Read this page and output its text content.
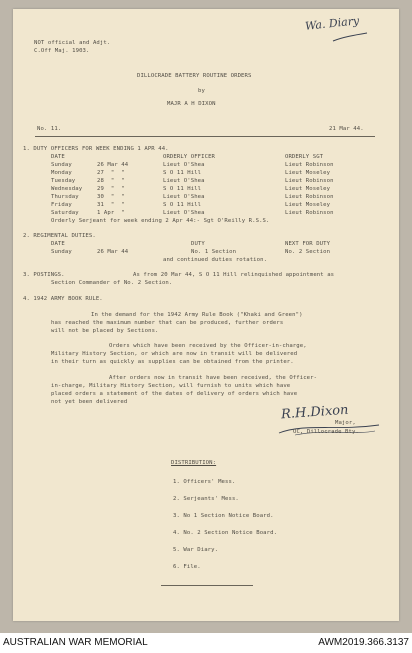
Wa. Diary
NOT official and Adjt.
C.Off Maj. 1903.
DILLOCRADE BATTERY ROUTINE ORDERS
by
MAJR A H DIXON
No. 11.	21 Mar 44.
1. DUTY OFFICERS FOR WEEK ENDING 1 APR 44.
DATE	ORDERLY OFFICER	ORDERLY SGT
Sunday	26 Mar 44	Lieut O'Shea	Lieut Robinson
Monday	27  "  "	S O 11 Hill	Lieut Moseley
Tuesday	28  "  "	Lieut O'Shea	Lieut Robinson
Wednesday	29  "  "	S O 11 Hill	Lieut Moseley
Thursday	30  "  "	Lieut O'Shea	Lieut Robinson
Friday	31  "  "	S O 11 Hill	Lieut Moseley
Saturday	1 Apr  "	Lieut O'Shea	Lieut Robinson
Orderly Serjeant for week ending 2 Apr 44:- Sgt O'Reilly R.S.S.
2. REGIMENTAL DUTIES.
DATE	DUTY	NEXT FOR DUTY
Sunday	26 Mar 44	No. 1 Section	No. 2 Section
and continued duties rotation.
3. POSTINGS.	As from 20 Mar 44, S O 11 Hill relinquished appointment as
Section Commander of No. 2 Section.
4. 1942 ARMY BOOK RULE.
In the demand for the 1942 Army Rule Book ("Khaki and Green")
has reached the maximum number that can be produced, further orders
will not be placed by Sections.
Orders which have been received by the Officer-in-charge,
Military History Section, or which are now in transit will be delivered
in their turn as quickly as supplies can be obtained from the printer.
After orders now in transit have been received, the Officer-
in-charge, Military History Section, will furnish to units which have
placed orders a statement of the dates of delivery of orders which have
not yet been delivered
R.H.Dixon
Major,
OC, Dillocrade Bty.
DISTRIBUTION:
1. Officers' Mess.
2. Serjeants' Mess.
3. No 1 Section Notice Board.
4. No. 2 Section Notice Board.
5. War Diary.
6. File.
AUSTRALIAN WAR MEMORIAL	AWM2019.366.3137
